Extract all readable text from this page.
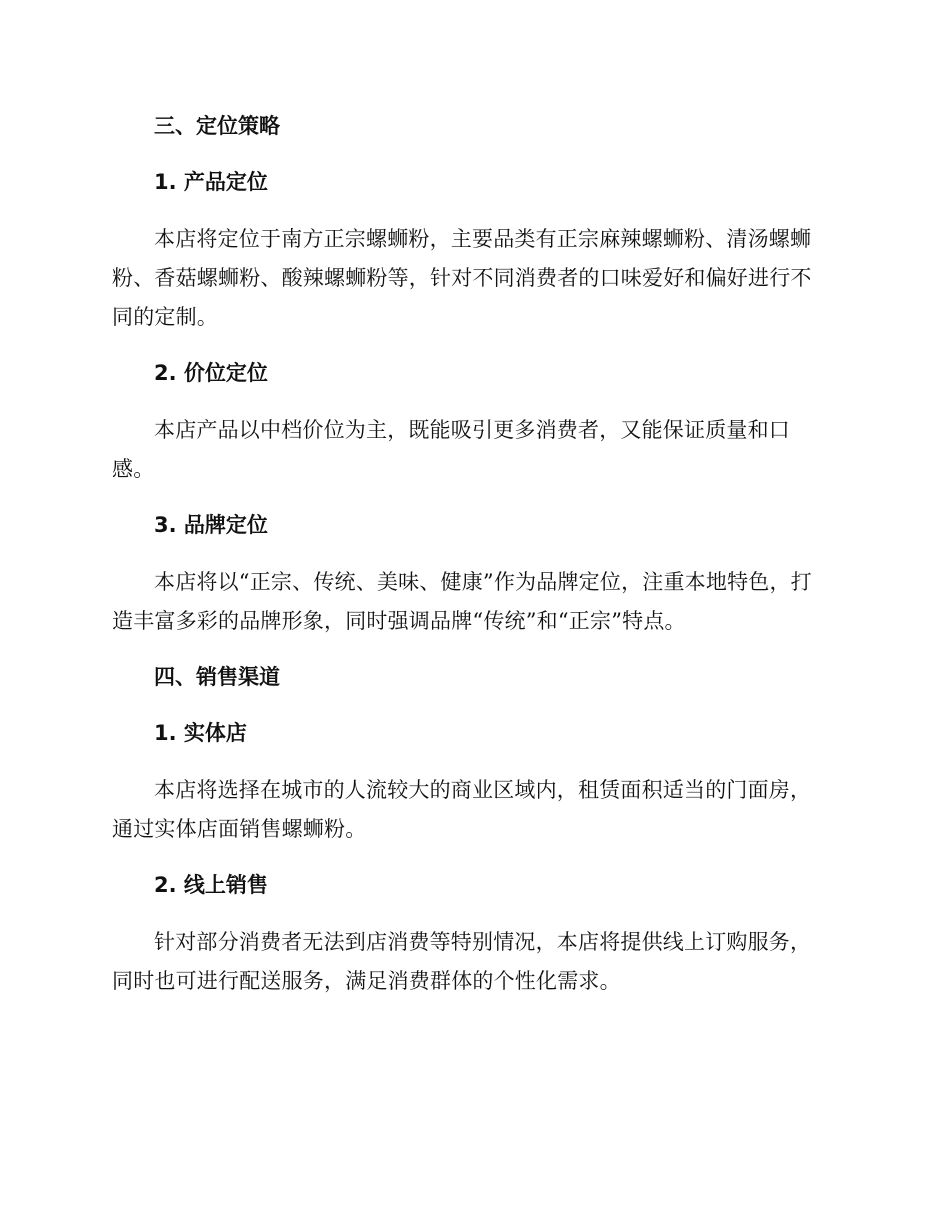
三、定位策略
1. 产品定位

本店将定位于南方正宗螺蛳粉，主要品类有正宗麻辣螺蛳粉、清汤螺蛳粉、香菇螺蛳粉、酸辣螺蛳粉等，针对不同消费者的口味爱好和偏好进行不同的定制。

2. 价位定位

本店产品以中档价位为主，既能吸引更多消费者，又能保证质量和口感。

3. 品牌定位

本店将以“正宗、传统、美味、健康”作为品牌定位，注重本地特色，打造丰富多彩的品牌形象，同时强调品牌“传统”和“正宗”特点。

四、销售渠道
1. 实体店

本店将选择在城市的人流较大的商业区域内，租赁面积适当的门面房，通过实体店面销售螺蛳粉。

2. 线上销售

针对部分消费者无法到店消费等特别情况，本店将提供线上订购服务，同时也可进行配送服务，满足消费群体的个性化需求。
